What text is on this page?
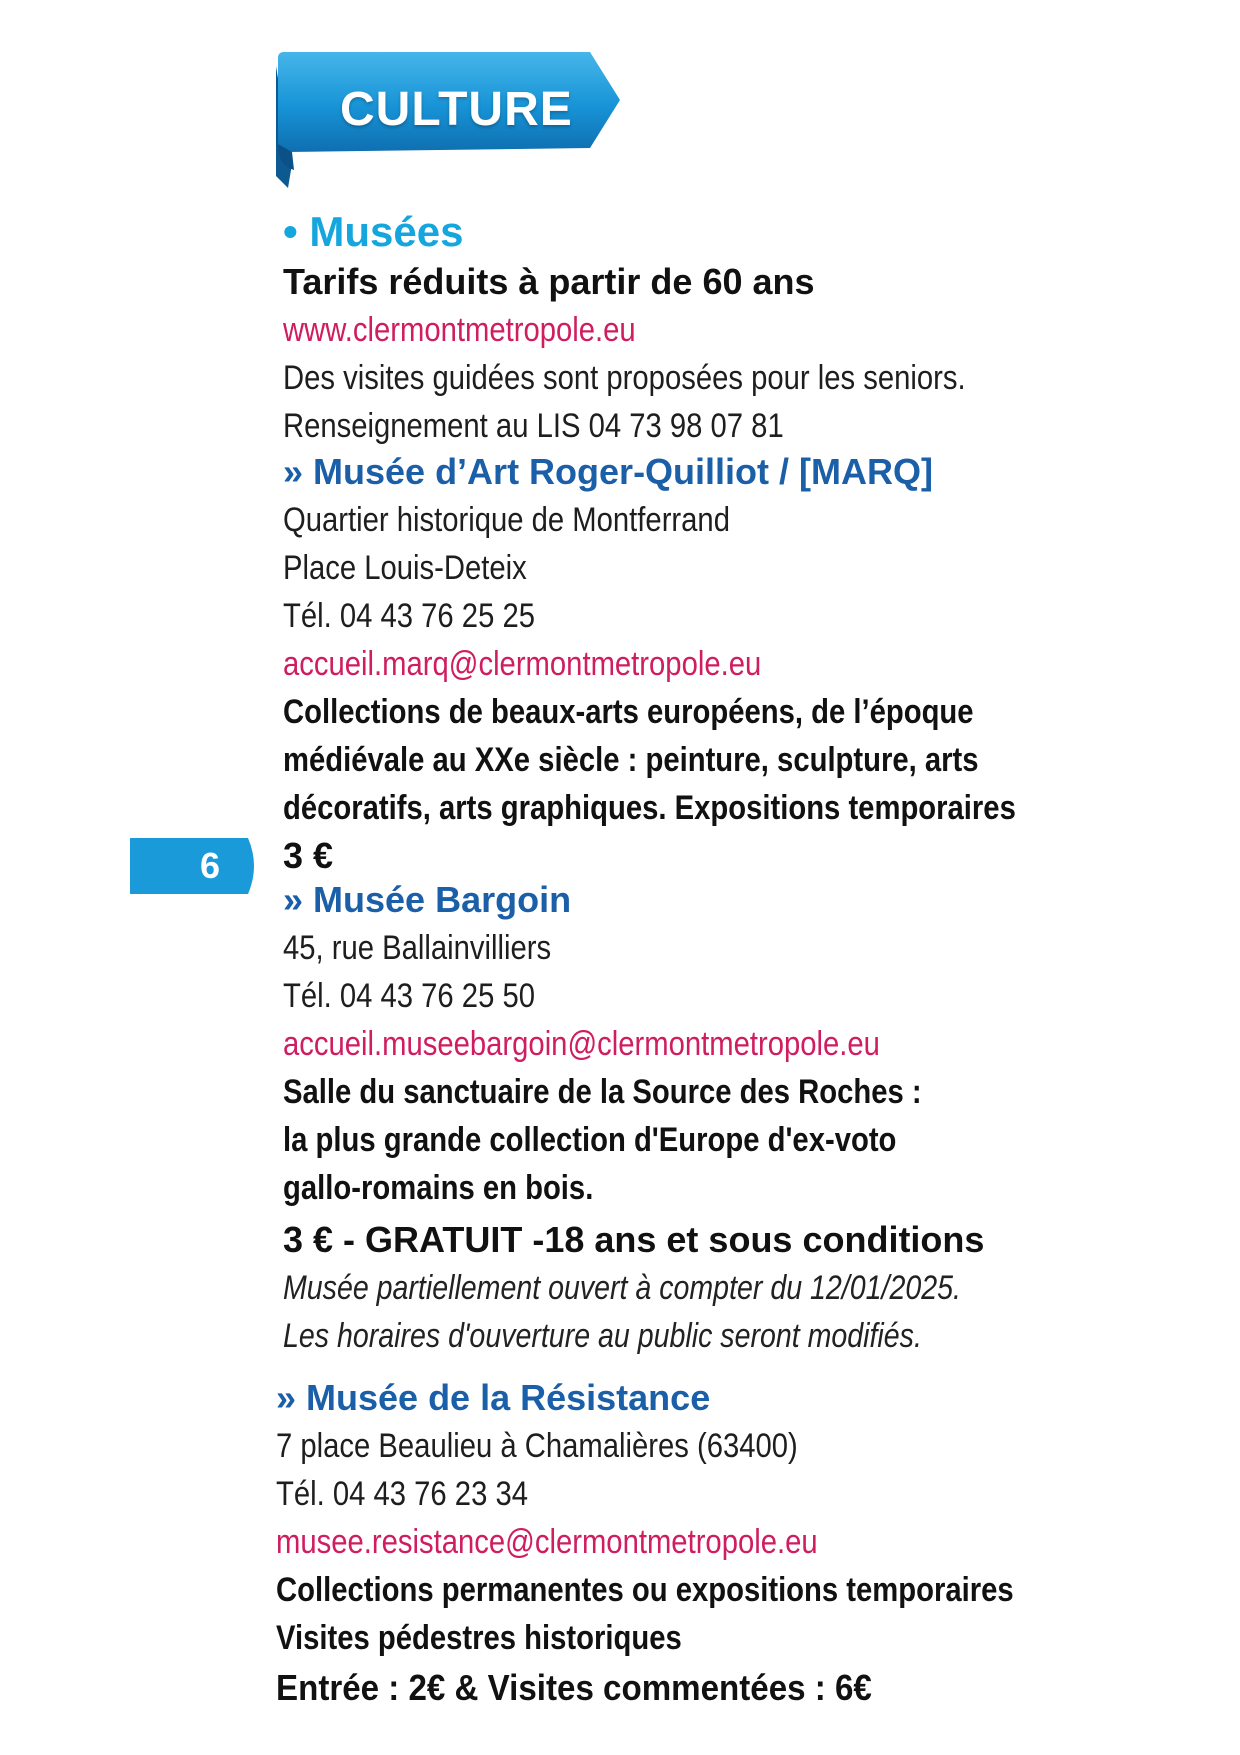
CULTURE
6
• Musées
Tarifs réduits à partir de 60 ans
www.clermontmetropole.eu
Des visites guidées sont proposées pour les seniors.
Renseignement au LIS 04 73 98 07 81
» Musée d’Art Roger-Quilliot / [MARQ]
Quartier historique de Montferrand
Place Louis-Deteix
Tél. 04 43 76 25 25
accueil.marq@clermontmetropole.eu
Collections de beaux-arts européens, de l’époque
médiévale au XXe siècle : peinture, sculpture, arts
décoratifs, arts graphiques. Expositions temporaires
3 €
» Musée Bargoin
45, rue Ballainvilliers
Tél. 04 43 76 25 50
accueil.museebargoin@clermontmetropole.eu
Salle du sanctuaire de la Source des Roches :
la plus grande collection d'Europe d'ex-voto
gallo-romains en bois.
3 € - GRATUIT -18 ans et sous conditions
Musée partiellement ouvert à compter du 12/01/2025.
Les horaires d'ouverture au public seront modifiés.
» Musée de la Résistance
7 place Beaulieu à Chamalières (63400)
Tél. 04 43 76 23 34
musee.resistance@clermontmetropole.eu
Collections permanentes ou expositions temporaires
Visites pédestres historiques
Entrée : 2€ & Visites commentées : 6€
